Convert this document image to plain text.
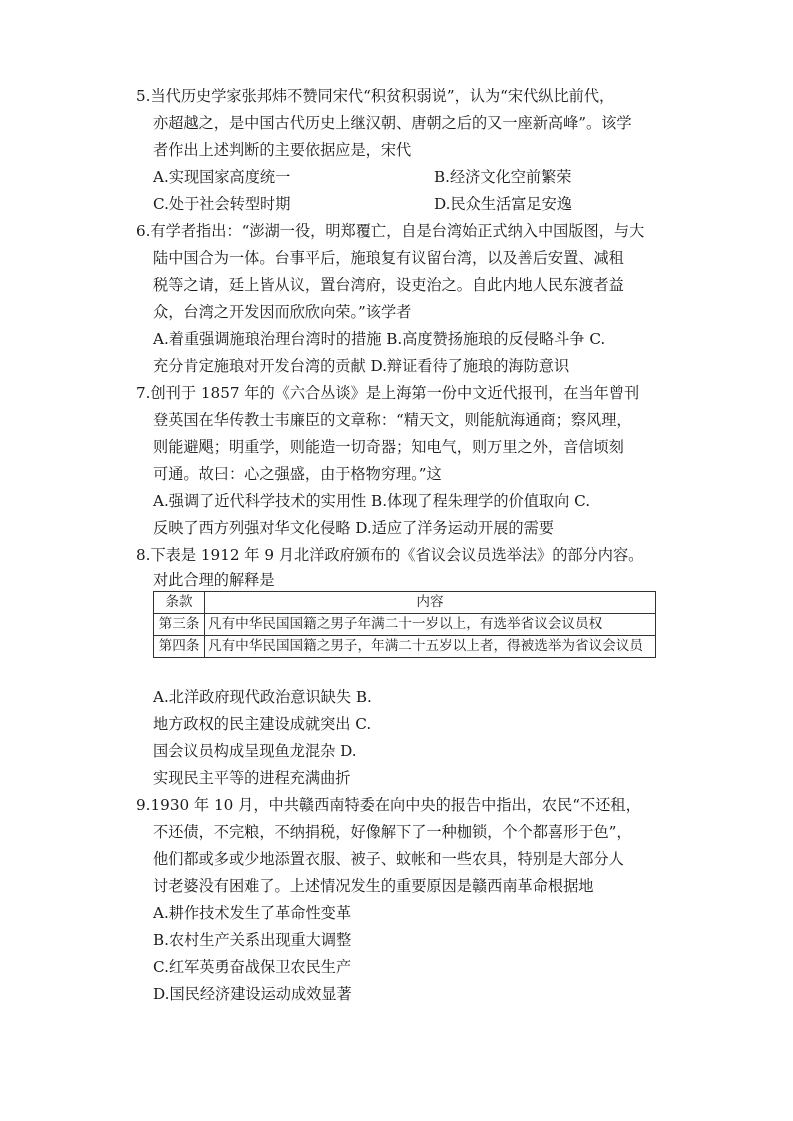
5.当代历史学家张邦炜不赞同宋代“积贫积弱说”，认为“宋代纵比前代，
亦超越之，是中国古代历史上继汉朝、唐朝之后的又一座新高峰”。该学
者作出上述判断的主要依据应是，宋代
A.实现国家高度统一	B.经济文化空前繁荣
C.处于社会转型时期	D.民众生活富足安逸
6.有学者指出：“澎湖一役，明郑覆亡，自是台湾始正式纳入中国版图，与大
陆中国合为一体。台事平后，施琅复有议留台湾，以及善后安置、减租
税等之请，廷上皆从议，置台湾府，设吏治之。自此内地人民东渡者益
众，台湾之开发因而欣欣向荣。”该学者
A.着重强调施琅治理台湾时的措施 B.高度赞扬施琅的反侵略斗争 C.
充分肯定施琅对开发台湾的贡献 D.辩证看待了施琅的海防意识
7.创刊于 1857 年的《六合丛谈》是上海第一份中文近代报刊，在当年曾刊
登英国在华传教士韦廉臣的文章称：“精天文，则能航海通商；察风理，
则能避飓；明重学，则能造一切奇器；知电气，则万里之外，音信顷刻
可通。故曰：心之强盛，由于格物穷理。”这
A.强调了近代科学技术的实用性 B.体现了程朱理学的价值取向 C.
反映了西方列强对华文化侵略 D.适应了洋务运动开展的需要
8.下表是 1912 年 9 月北洋政府颁布的《省议会议员选举法》的部分内容。
对此合理的解释是
条款	内容
第三条	凡有中华民国国籍之男子年满二十一岁以上，有选举省议会议员权
第四条	凡有中华民国国籍之男子，年满二十五岁以上者，得被选举为省议会议员
A.北洋政府现代政治意识缺失 B.
地方政权的民主建设成就突出 C.
国会议员构成呈现鱼龙混杂 D.
实现民主平等的进程充满曲折
9.1930 年 10 月，中共赣西南特委在向中央的报告中指出，农民“不还租，
不还债，不完粮，不纳捐税，好像解下了一种枷锁，个个都喜形于色”，
他们都或多或少地添置衣服、被子、蚊帐和一些农具，特别是大部分人
讨老婆没有困难了。上述情况发生的重要原因是赣西南革命根据地
A.耕作技术发生了革命性变革
B.农村生产关系出现重大调整
C.红军英勇奋战保卫农民生产
D.国民经济建设运动成效显著
